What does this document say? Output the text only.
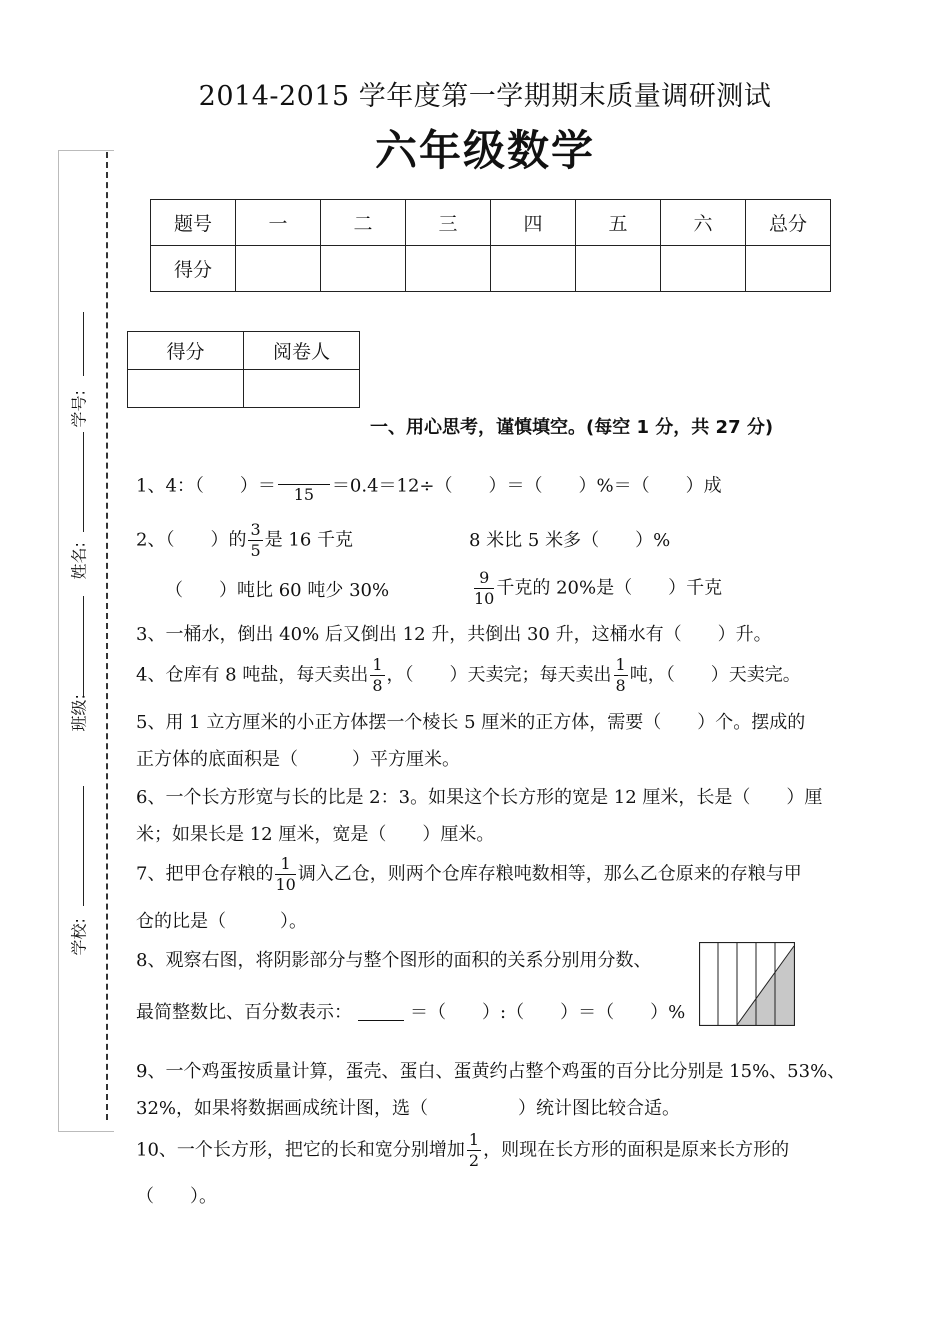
2014-2015 学年度第一学期期末质量调研测试
六年级数学
学号:
姓名:
班级:
学校:
题号	一	二	三	四	五	六	总分
得分							
得分	阅卷人

一、用心思考，谨慎填空。(每空 1 分，共 27 分)
1、4：（　　）＝	15 ＝0.4＝12÷（　　）＝（　　）%＝（　　）成
2、（　　）的 $\frac{3}{5}$ 是 16 千克	8 米比 5 米多（　　）%
（　　）吨比 60 吨少 30%	$\frac{9}{10}$ 千克的 20%是（　　）千克
3、一桶水，倒出 40% 后又倒出 12 升，共倒出 30 升，这桶水有（　　）升。
4、仓库有 8 吨盐，每天卖出 $\frac{1}{8}$ ，（　　）天卖完；每天卖出 $\frac{1}{8}$ 吨，（　　）天卖完。
5、用 1 立方厘米的小正方体摆一个棱长 5 厘米的正方体，需要（　　）个。摆成的
正方体的底面积是（　　　）平方厘米。
6、一个长方形宽与长的比是 2：3。如果这个长方形的宽是 12 厘米，长是（　　）厘
米；如果长是 12 厘米，宽是（　　）厘米。
7、把甲仓存粮的 $\frac{1}{10}$ 调入乙仓，则两个仓库存粮吨数相等，那么乙仓原来的存粮与甲
仓的比是（　　　）。
8、观察右图，将阴影部分与整个图形的面积的关系分别用分数、
最简整数比、百分数表示：	＝（　　）:（　　）＝（　　）%
9、一个鸡蛋按质量计算，蛋壳、蛋白、蛋黄约占整个鸡蛋的百分比分别是 15%、53%、
32%，如果将数据画成统计图，选（　　　　　）统计图比较合适。
10、一个长方形，把它的长和宽分别增加 $\frac{1}{2}$ ，则现在长方形的面积是原来长方形的
（　　）。
